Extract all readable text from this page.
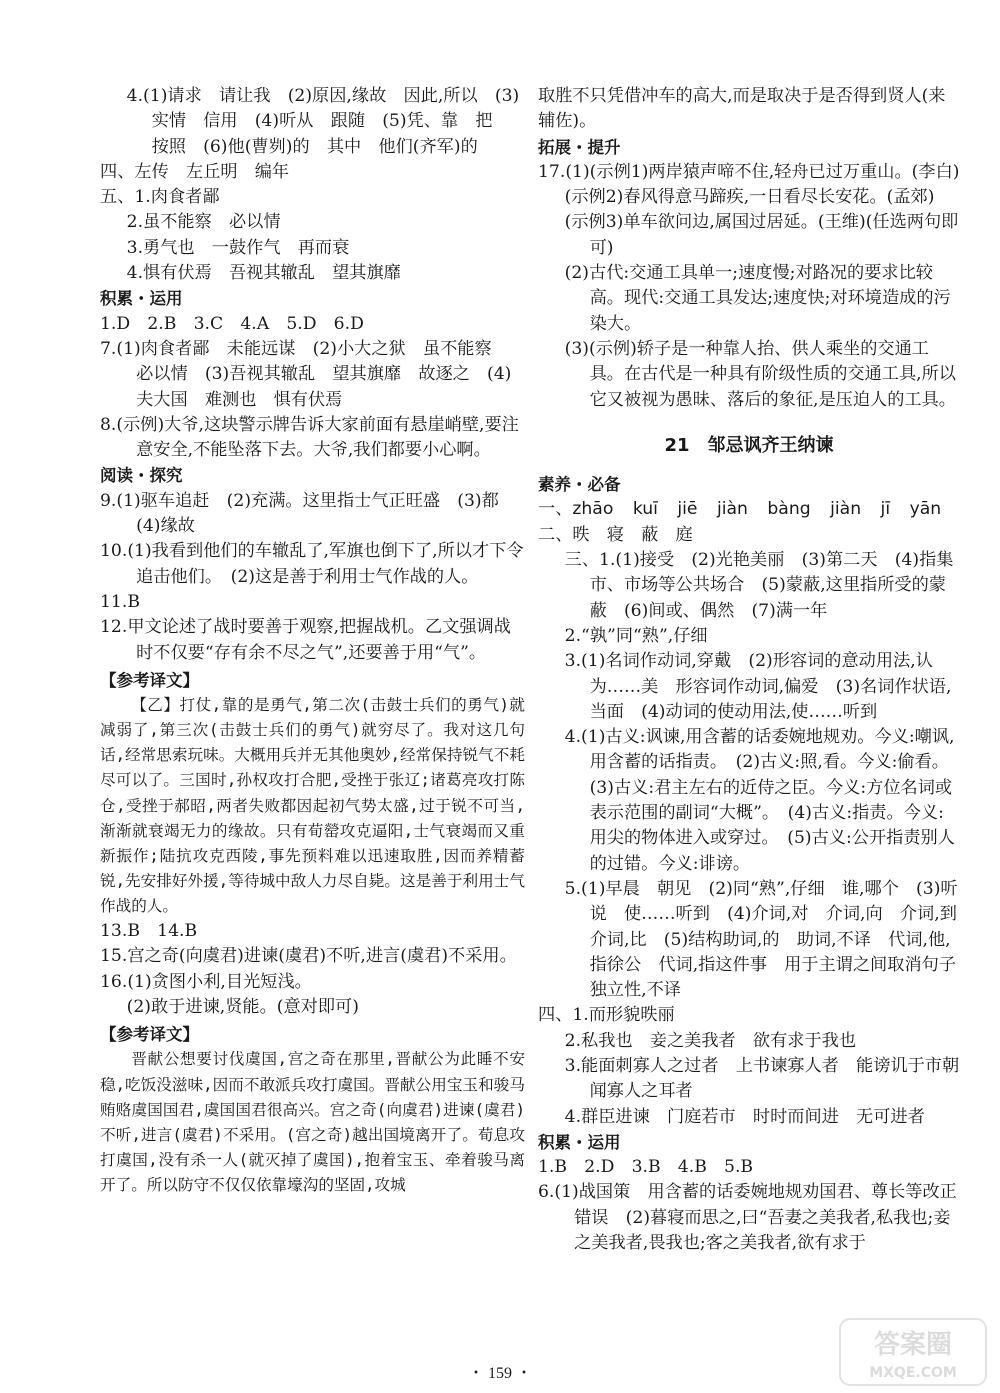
4.(1)请求　请让我　(2)原因,缘故　因此,所以　(3)实情　信用　(4)听从　跟随　(5)凭、靠　把　按照　(6)他(曹刿)的　其中　他们(齐军)的
四、左传　左丘明　编年
五、1.肉食者鄙
2.虽不能察　必以情
3.勇气也　一鼓作气　再而衰
4.惧有伏焉　吾视其辙乱　望其旗靡
积累・运用
1.D　2.B　3.C　4.A　5.D　6.D
7.(1)肉食者鄙　未能远谋　(2)小大之狱　虽不能察　必以情　(3)吾视其辙乱　望其旗靡　故逐之　(4)夫大国　难测也　惧有伏焉
8.(示例)大爷,这块警示牌告诉大家前面有悬崖峭壁,要注意安全,不能坠落下去。大爷,我们都要小心啊。
阅读・探究
9.(1)驱车追赶　(2)充满。这里指士气正旺盛　(3)都　(4)缘故
10.(1)我看到他们的车辙乱了,军旗也倒下了,所以才下令追击他们。　(2)这是善于利用士气作战的人。
11.B
12.甲文论述了战时要善于观察,把握战机。乙文强调战时不仅要“存有余不尽之气”,还要善于用“气”。
【参考译文】
【乙】打仗,靠的是勇气,第二次(击鼓士兵们的勇气)就减弱了,第三次(击鼓士兵们的勇气)就穷尽了。我对这几句话,经常思索玩味。大概用兵并无其他奥妙,经常保持锐气不耗尽可以了。三国时,孙权攻打合肥,受挫于张辽;诸葛亮攻打陈仓,受挫于郝昭,两者失败都因起初气势太盛,过于锐不可当,渐渐就衰竭无力的缘故。只有荀罃攻克逼阳,士气衰竭而又重新振作;陆抗攻克西陵,事先预料难以迅速取胜,因而养精蓄锐,先安排好外援,等待城中敌人力尽自毙。这是善于利用士气作战的人。
13.B　14.B
15.宫之奇(向虞君)进谏(虞君)不听,进言(虞君)不采用。
16.(1)贪图小利,目光短浅。
(2)敢于进谏,贤能。(意对即可)
【参考译文】
晋献公想要讨伐虞国,宫之奇在那里,晋献公为此睡不安稳,吃饭没滋味,因而不敢派兵攻打虞国。晋献公用宝玉和骏马贿赂虞国国君,虞国国君很高兴。宫之奇(向虞君)进谏(虞君)不听,进言(虞君)不采用。(宫之奇)越出国境离开了。荀息攻打虞国,没有杀一人(就灭掉了虞国),抱着宝玉、牵着骏马离开了。所以防守不仅仅依靠壕沟的坚固,攻城
取胜不只凭借冲车的高大,而是取决于是否得到贤人(来辅佐)。
拓展・提升
17.(1)(示例1)两岸猿声啼不住,轻舟已过万重山。(李白)
(示例2)春风得意马蹄疾,一日看尽长安花。(孟郊)
(示例3)单车欲问边,属国过居延。(王维)(任选两句即可)
(2)古代:交通工具单一;速度慢;对路况的要求比较高。现代:交通工具发达;速度快;对环境造成的污染大。
(3)(示例)轿子是一种靠人抬、供人乘坐的交通工具。在古代是一种具有阶级性质的交通工具,所以它又被视为愚昧、落后的象征,是压迫人的工具。
21　邹忌讽齐王纳谏
素养・必备
一、zhāo kuī jiē jiàn bàng jiàn jī yān
二、昳　寝　蔽　庭
三、1.(1)接受　(2)光艳美丽　(3)第二天　(4)指集市、市场等公共场合　(5)蒙蔽,这里指所受的蒙蔽　(6)间或、偶然　(7)满一年
2.“孰”同“熟”,仔细
3.(1)名词作动词,穿戴　(2)形容词的意动用法,认为……美　形容词作动词,偏爱　(3)名词作状语,当面　(4)动词的使动用法,使……听到
4.(1)古义:讽谏,用含蓄的话委婉地规劝。今义:嘲讽,用含蓄的话指责。　(2)古义:照,看。今义:偷看。　(3)古义:君主左右的近侍之臣。今义:方位名词或表示范围的副词“大概”。　(4)古义:指责。今义:用尖的物体进入或穿过。　(5)古义:公开指责别人的过错。今义:诽谤。
5.(1)早晨　朝见　(2)同“熟”,仔细　谁,哪个　(3)听说　使……听到　(4)介词,对　介词,向　介词,到　介词,比　(5)结构助词,的　助词,不译　代词,他,指徐公　代词,指这件事　用于主谓之间取消句子独立性,不译
四、1.而形貌昳丽
2.私我也　妾之美我者　欲有求于我也
3.能面刺寡人之过者　上书谏寡人者　能谤讥于市朝　闻寡人之耳者
4.群臣进谏　门庭若市　时时而间进　无可进者
积累・运用
1.B　2.D　3.B　4.B　5.B
6.(1)战国策　用含蓄的话委婉地规劝国君、尊长等改正错误　(2)暮寝而思之,曰“吾妻之美我者,私我也;妾之美我者,畏我也;客之美我者,欲有求于
・ 159 ・
答案圈
MXQE.COM
